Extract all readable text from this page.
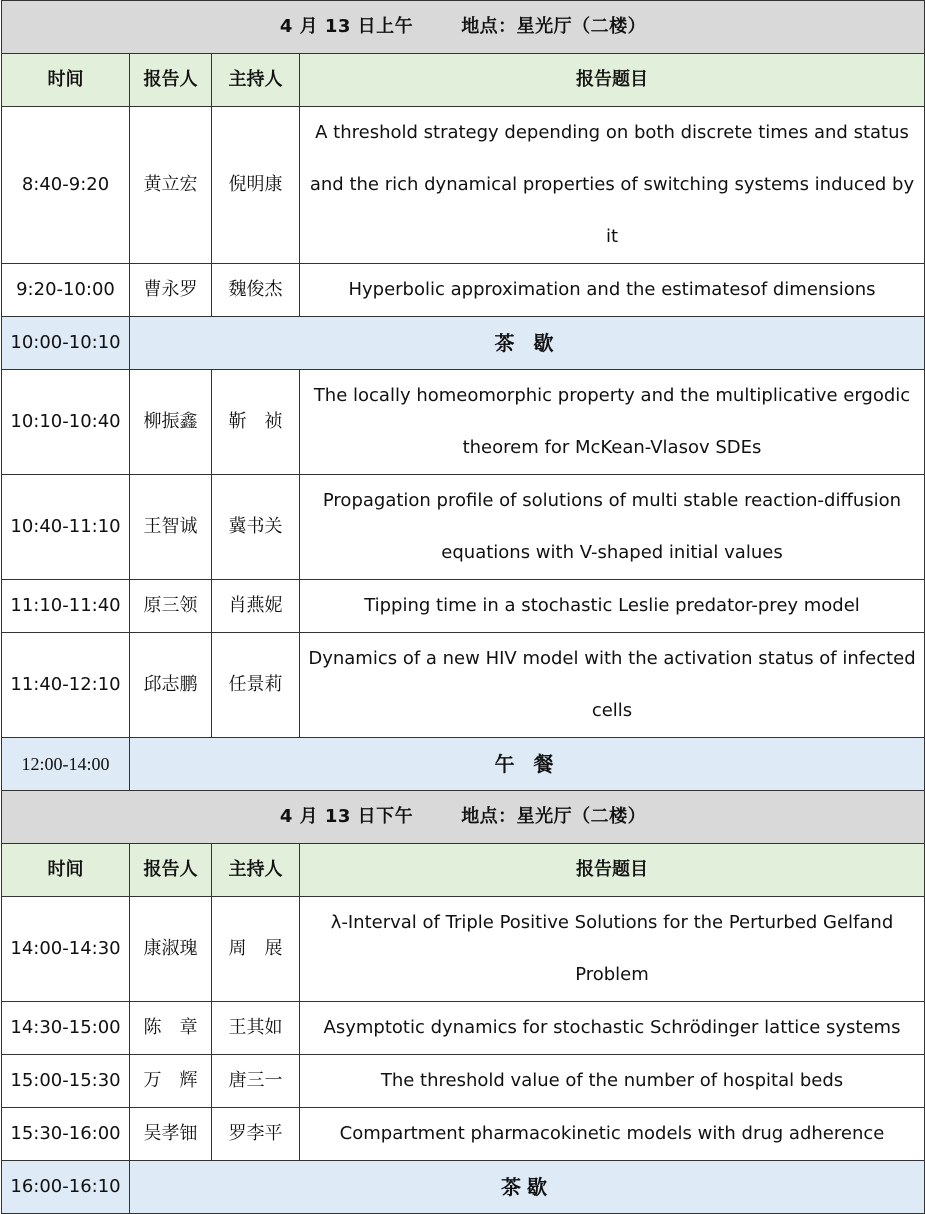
4 月 13 日上午 地点：星光厅（二楼）			
时间	报告人	主持人	报告题目
8:40-9:20	黄立宏	倪明康	A threshold strategy depending on both discrete times and status and the rich dynamical properties of switching systems induced by it
9:20-10:00	曹永罗	魏俊杰	Hyperbolic approximation and the estimatesof dimensions
10:00-10:10	茶 歇		
10:10-10:40	柳振鑫	靳　祯	The locally homeomorphic property and the multiplicative ergodic theorem for McKean-Vlasov SDEs
10:40-11:10	王智诚	冀书关	Propagation profile of solutions of multi stable reaction-diffusion equations with V-shaped initial values
11:10-11:40	原三领	肖燕妮	Tipping time in a stochastic Leslie predator-prey model
11:40-12:10	邱志鹏	任景莉	Dynamics of a new HIV model with the activation status of infected cells
12:00-14:00	午 餐		
4 月 13 日下午 地点：星光厅（二楼）			
时间	报告人	主持人	报告题目
14:00-14:30	康淑瑰	周　展	λ-Interval of Triple Positive Solutions for the Perturbed Gelfand Problem
14:30-15:00	陈　章	王其如	Asymptotic dynamics for stochastic Schrödinger lattice systems
15:00-15:30	万　辉	唐三一	The threshold value of the number of hospital beds
15:30-16:00	吴孝钿	罗李平	Compartment pharmacokinetic models with drug adherence
16:00-16:10	茶歇		
